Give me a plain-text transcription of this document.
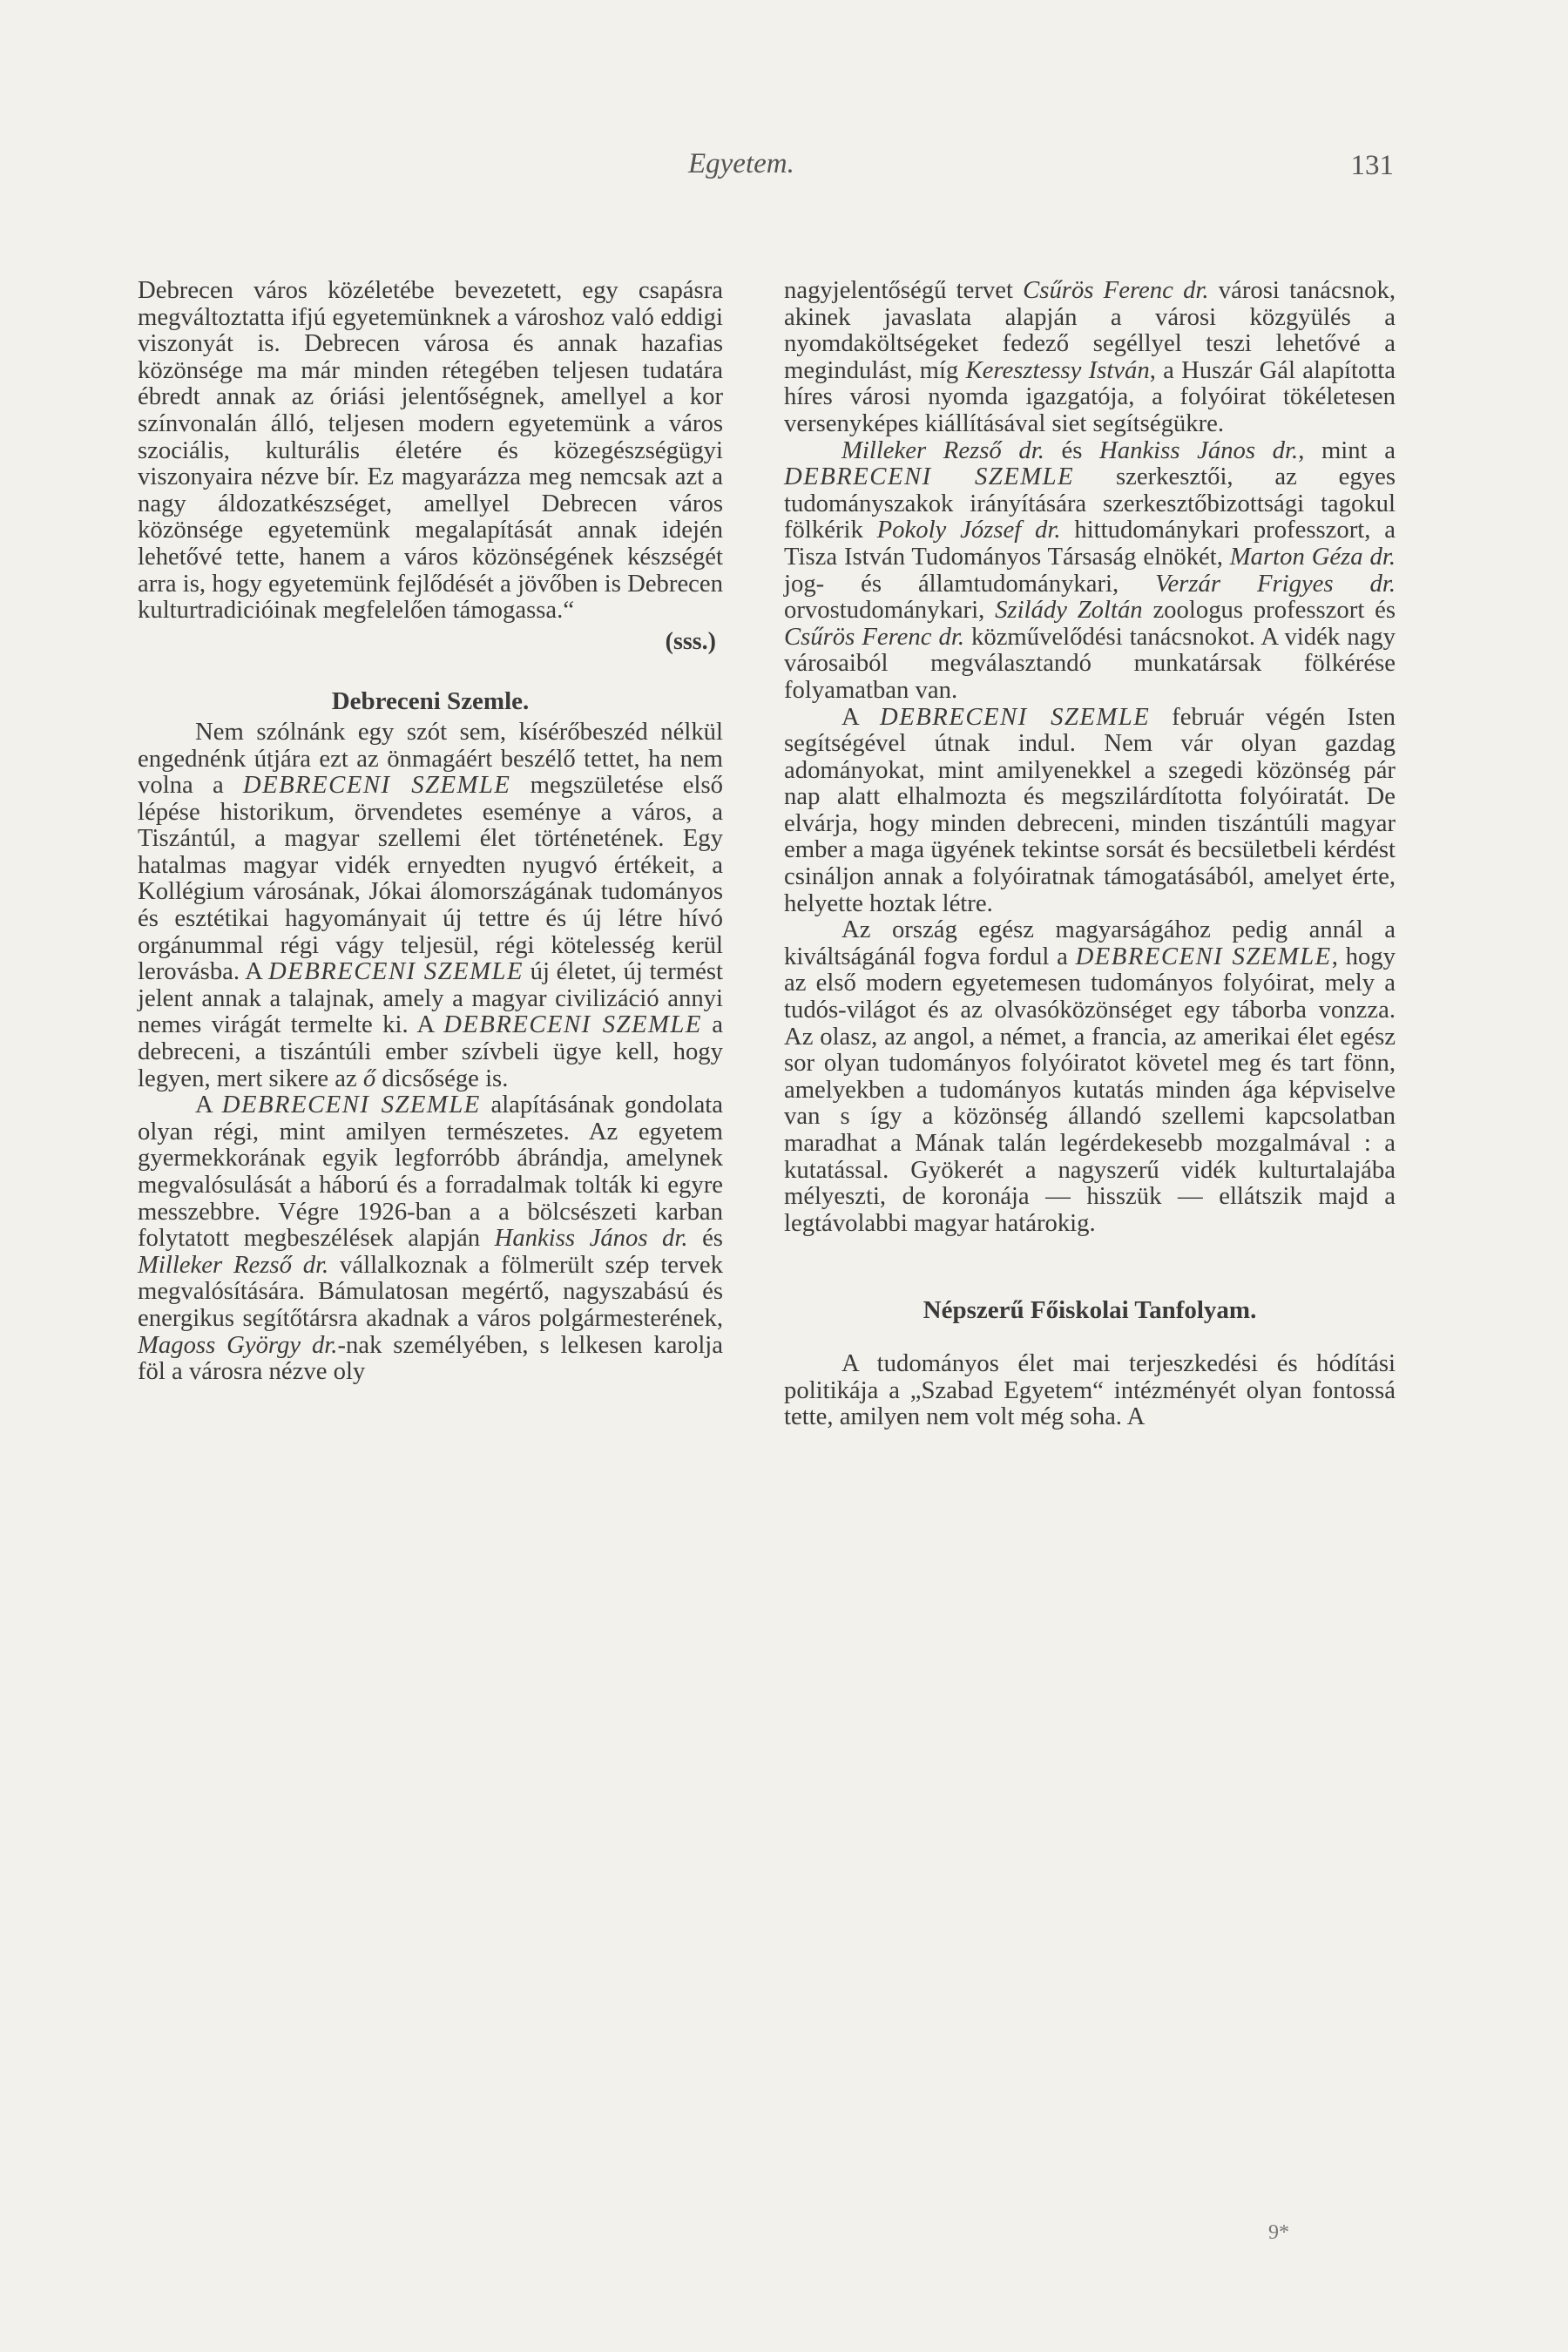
Egyetem.	131

Debrecen város közéletébe bevezetett, egy csapásra megváltoztatta ifjú egyetemünknek a városhoz való eddigi viszonyát is. Debrecen városa és annak hazafias közönsége ma már minden rétegében teljesen tudatára ébredt annak az óriási jelentőségnek, amellyel a kor színvonalán álló, teljesen modern egyetemünk a város szociális, kulturális életére és közegészségügyi viszonyaira nézve bír. Ez magyarázza meg nemcsak azt a nagy áldozatkészséget, amellyel Debrecen város közönsége egyetemünk megalapítását annak idején lehetővé tette, hanem a város közönségének készségét arra is, hogy egyetemünk fejlődését a jövőben is Debrecen kulturtradicióinak megfelelően támogassa.“

(sss.)
Debreceni Szemle.

Nem szólnánk egy szót sem, kísérőbeszéd nélkül engednénk útjára ezt az önmagáért beszélő tettet, ha nem volna a DEBRECENI SZEMLE megszületése első lépése historikum, örvendetes eseménye a város, a Tiszántúl, a magyar szellemi élet történetének. Egy hatalmas magyar vidék ernyedten nyugvó értékeit, a Kollégium városának, Jókai álomországának tudományos és esztétikai hagyományait új tettre és új létre hívó orgánummal régi vágy teljesül, régi kötelesség kerül lerovásba. A DEBRECENI SZEMLE új életet, új termést jelent annak a talajnak, amely a magyar civilizáció annyi nemes virágát termelte ki. A DEBRECENI SZEMLE a debreceni, a tiszántúli ember szívbeli ügye kell, hogy legyen, mert sikere az ő dicsősége is.

A DEBRECENI SZEMLE alapításának gondolata olyan régi, mint amilyen természetes. Az egyetem gyermekkorának egyik legforróbb ábrándja, amelynek megvalósulását a háború és a forradalmak tolták ki egyre messzebbre. Végre 1926-ban a a bölcsészeti karban folytatott megbeszélések alapján Hankiss János dr. és Milleker Rezső dr. vállalkoznak a fölmerült szép tervek megvalósítására. Bámulatosan megértő, nagyszabású és energikus segítőtársra akadnak a város polgármesterének, Magoss György dr.-nak személyében, s lelkesen karolja föl a városra nézve oly

nagyjelentőségű tervet Csűrös Ferenc dr. városi tanácsnok, akinek javaslata alapján a városi közgyülés a nyomdaköltségeket fedező segéllyel teszi lehetővé a megindulást, míg Keresztessy István, a Huszár Gál alapította híres városi nyomda igazgatója, a folyóirat tökéletesen versenyképes kiállításával siet segítségükre.

Milleker Rezső dr. és Hankiss János dr., mint a DEBRECENI SZEMLE szerkesztői, az egyes tudományszakok irányítására szerkesztőbizottsági tagokul fölkérik Pokoly József dr. hittudománykari professzort, a Tisza István Tudományos Társaság elnökét, Marton Géza dr. jog- és államtudománykari, Verzár Frigyes dr. orvostudománykari, Szilády Zoltán zoologus professzort és Csűrös Ferenc dr. közművelődési tanácsnokot. A vidék nagy városaiból megválasztandó munkatársak fölkérése folyamatban van.

A DEBRECENI SZEMLE február végén Isten segítségével útnak indul. Nem vár olyan gazdag adományokat, mint amilyenekkel a szegedi közönség pár nap alatt elhalmozta és megszilárdította folyóiratát. De elvárja, hogy minden debreceni, minden tiszántúli magyar ember a maga ügyének tekintse sorsát és becsületbeli kérdést csináljon annak a folyóiratnak támogatásából, amelyet érte, helyette hoztak létre.

Az ország egész magyarságához pedig annál a kiváltságánál fogva fordul a DEBRECENI SZEMLE, hogy az első modern egyetemesen tudományos folyóirat, mely a tudós-világot és az olvasóközönséget egy táborba vonzza. Az olasz, az angol, a német, a francia, az amerikai élet egész sor olyan tudományos folyóiratot követel meg és tart fönn, amelyekben a tudományos kutatás minden ága képviselve van s így a közönség állandó szellemi kapcsolatban maradhat a Mának talán legérdekesebb mozgalmával : a kutatással. Gyökerét a nagyszerű vidék kulturtalajába mélyeszti, de koronája — hisszük — ellátszik majd a legtávolabbi magyar határokig.

Népszerű Főiskolai Tanfolyam.

A tudományos élet mai terjeszkedési és hódítási politikája a „Szabad Egyetem“ intézményét olyan fontossá tette, amilyen nem volt még soha. A

9*
